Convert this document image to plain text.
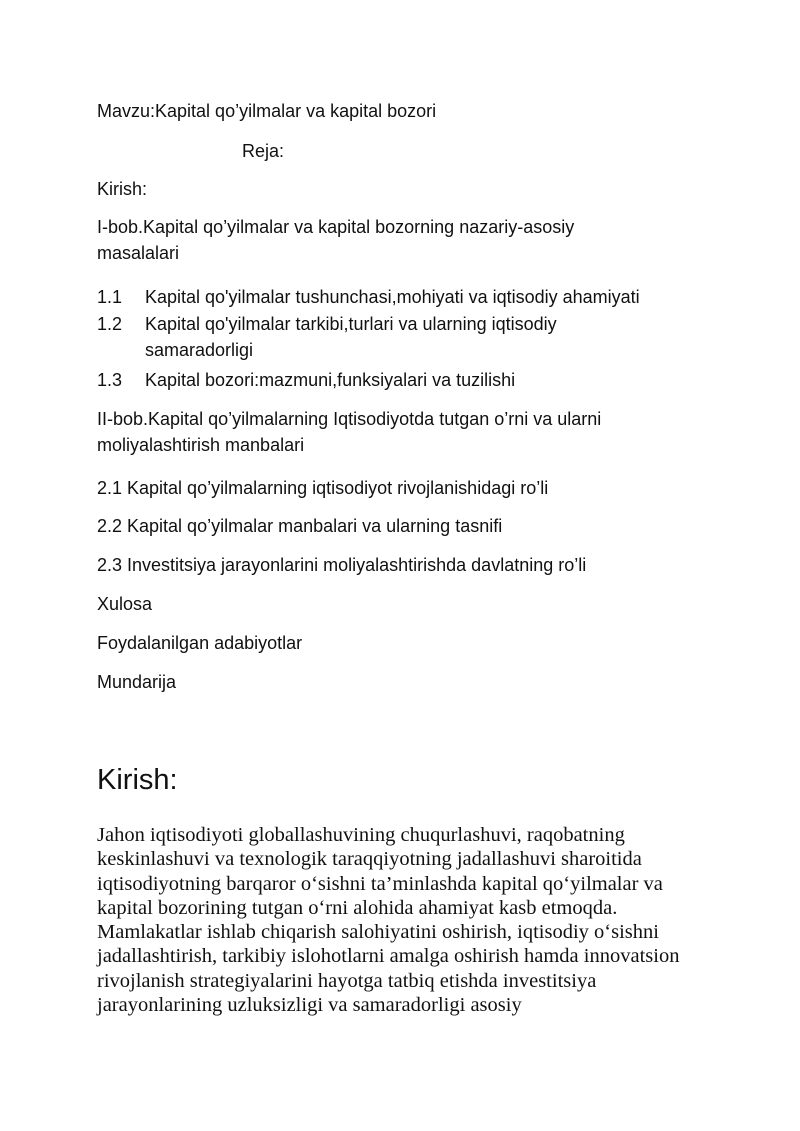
Mavzu:Kapital qo’yilmalar va kapital bozori
Reja:
Kirish:
I-bob.Kapital qo’yilmalar va kapital bozorning nazariy-asosiy masalalari
1.1 Kapital qo'yilmalar tushunchasi,mohiyati va iqtisodiy ahamiyati
1.2 Kapital qo'yilmalar tarkibi,turlari va ularning iqtisodiy samaradorligi
1.3 Kapital bozori:mazmuni,funksiyalari va tuzilishi
II-bob.Kapital qo’yilmalarning Iqtisodiyotda tutgan o’rni va ularni moliyalashtirish manbalari
2.1 Kapital qo’yilmalarning iqtisodiyot rivojlanishidagi ro’li
2.2 Kapital qo’yilmalar manbalari va ularning tasnifi
2.3 Investitsiya jarayonlarini moliyalashtirishda davlatning ro’li
Xulosa
Foydalanilgan adabiyotlar
Mundarija
Kirish:
Jahon iqtisodiyoti globallashuvining chuqurlashuvi, raqobatning keskinlashuvi va texnologik taraqqiyotning jadallashuvi sharoitida iqtisodiyotning barqaror o‘sishni ta’minlashda kapital qo‘yilmalar va kapital bozorining tutgan o‘rni alohida ahamiyat kasb etmoqda. Mamlakatlar ishlab chiqarish salohiyatini oshirish, iqtisodiy o‘sishni jadallashtirish, tarkibiy islohotlarni amalga oshirish hamda innovatsion rivojlanish strategiyalarini hayotga tatbiq etishda investitsiya jarayonlarining uzluksizligi va samaradorligi asosiy
